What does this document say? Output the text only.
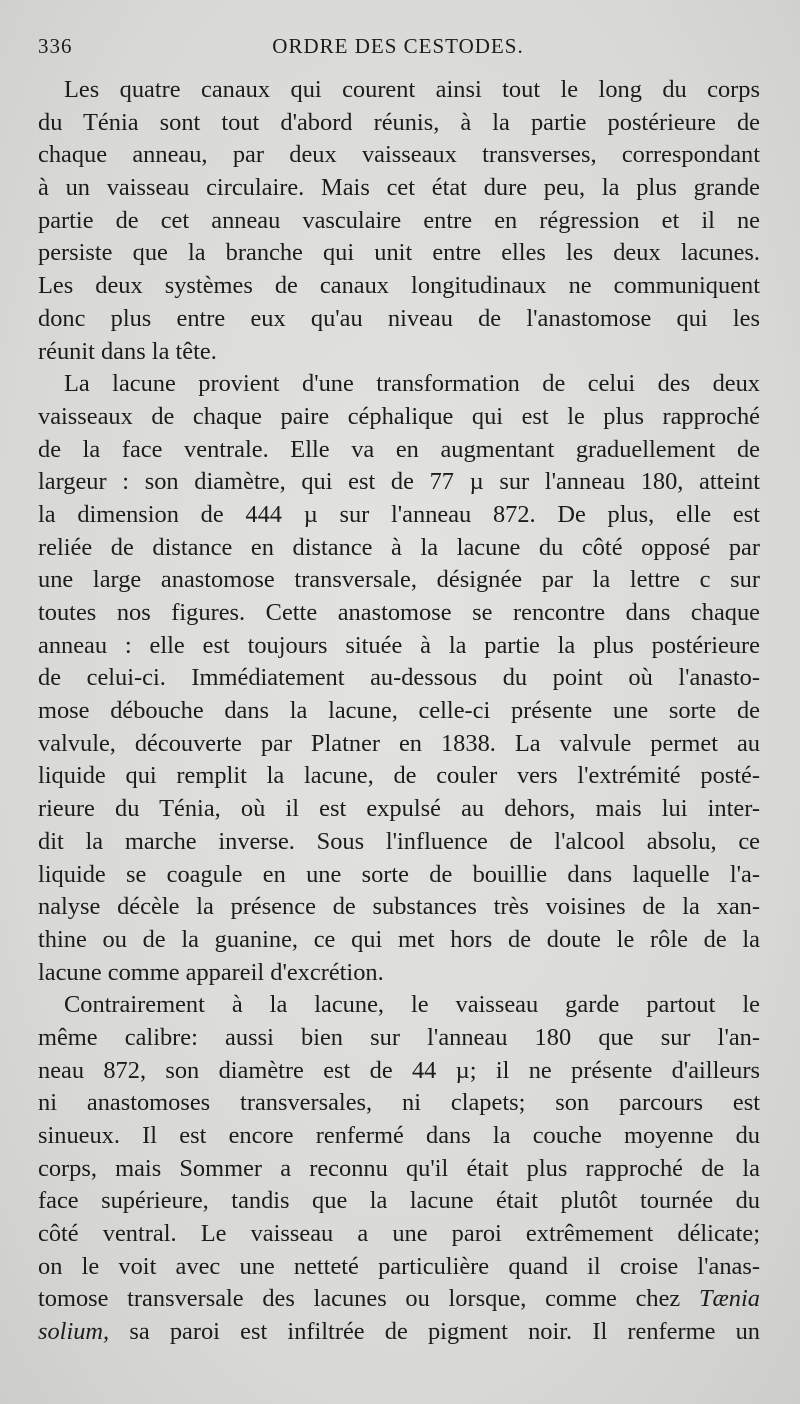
336	ORDRE DES CESTODES.
Les quatre canaux qui courent ainsi tout le long du corps
du Ténia sont tout d'abord réunis, à la partie postérieure de
chaque anneau, par deux vaisseaux transverses, correspondant
à un vaisseau circulaire. Mais cet état dure peu, la plus grande
partie de cet anneau vasculaire entre en régression et il ne
persiste que la branche qui unit entre elles les deux lacunes.
Les deux systèmes de canaux longitudinaux ne communiquent
donc plus entre eux qu'au niveau de l'anastomose qui les
réunit dans la tête.
La lacune provient d'une transformation de celui des deux
vaisseaux de chaque paire céphalique qui est le plus rapproché
de la face ventrale. Elle va en augmentant graduellement de
largeur : son diamètre, qui est de 77 µ sur l'anneau 180, atteint
la dimension de 444 µ sur l'anneau 872. De plus, elle est
reliée de distance en distance à la lacune du côté opposé par
une large anastomose transversale, désignée par la lettre c sur
toutes nos figures. Cette anastomose se rencontre dans chaque
anneau : elle est toujours située à la partie la plus postérieure
de celui-ci. Immédiatement au-dessous du point où l'anasto-
mose débouche dans la lacune, celle-ci présente une sorte de
valvule, découverte par Platner en 1838. La valvule permet au
liquide qui remplit la lacune, de couler vers l'extrémité posté-
rieure du Ténia, où il est expulsé au dehors, mais lui inter-
dit la marche inverse. Sous l'influence de l'alcool absolu, ce
liquide se coagule en une sorte de bouillie dans laquelle l'a-
nalyse décèle la présence de substances très voisines de la xan-
thine ou de la guanine, ce qui met hors de doute le rôle de la
lacune comme appareil d'excrétion.
Contrairement à la lacune, le vaisseau garde partout le
même calibre: aussi bien sur l'anneau 180 que sur l'an-
neau 872, son diamètre est de 44 µ; il ne présente d'ailleurs
ni anastomoses transversales, ni clapets; son parcours est
sinueux. Il est encore renfermé dans la couche moyenne du
corps, mais Sommer a reconnu qu'il était plus rapproché de la
face supérieure, tandis que la lacune était plutôt tournée du
côté ventral. Le vaisseau a une paroi extrêmement délicate;
on le voit avec une netteté particulière quand il croise l'anas-
tomose transversale des lacunes ou lorsque, comme chez Tænia
solium, sa paroi est infiltrée de pigment noir. Il renferme un
